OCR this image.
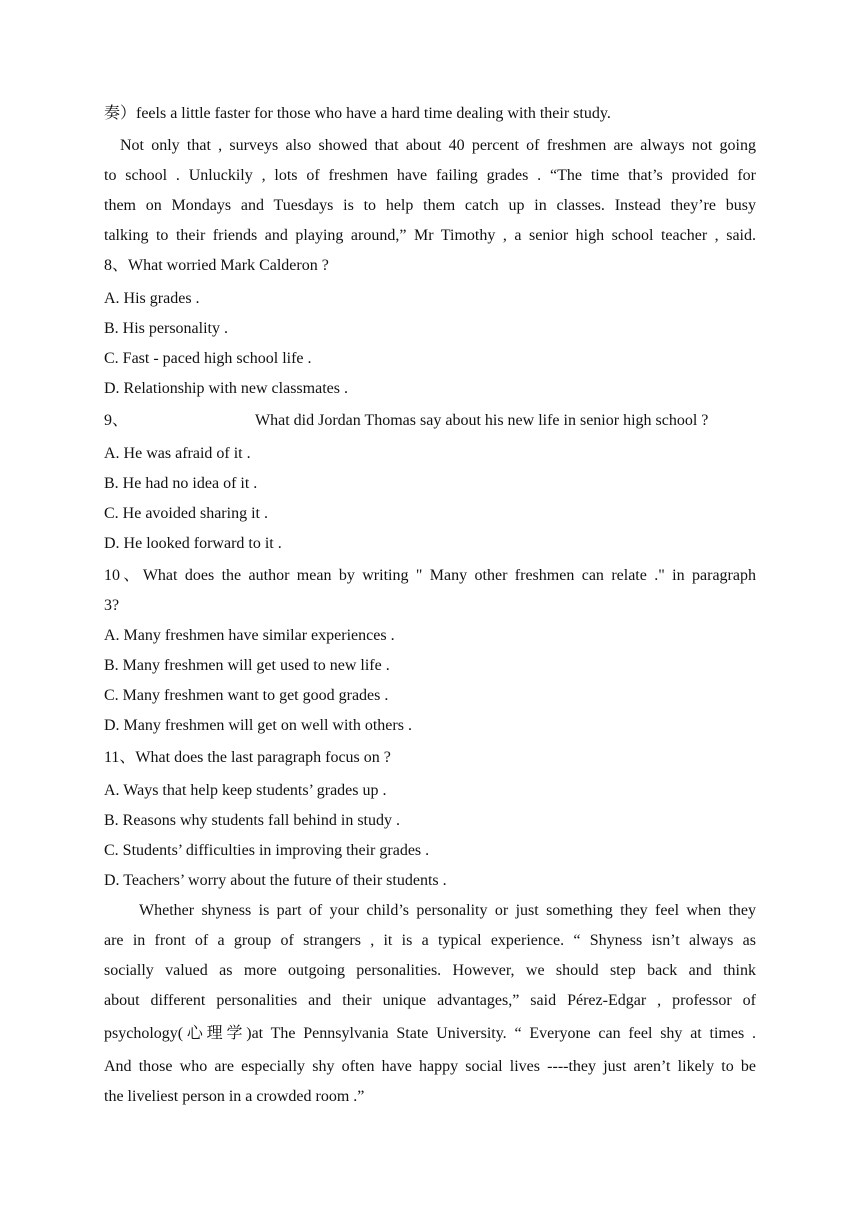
奏）feels a little faster for those who have a hard time dealing with their study.
Not only that , surveys also showed that about 40 percent of freshmen are always not going
to school . Unluckily , lots of freshmen have failing grades . “The time that’s provided for
them on Mondays and Tuesdays is to help them catch up in classes. Instead they’re busy
talking to their friends and playing around,” Mr Timothy , a senior high school teacher , said.
8、What worried Mark Calderon ?
A. His grades .
B. His personality .
C. Fast - paced high school life .
D. Relationship with new classmates .
9、	What did Jordan Thomas say about his new life in senior high school ?
A. He was afraid of it .
B. He had no idea of it .
C. He avoided sharing it .
D. He looked forward to it .
10、What does the author mean by writing " Many other freshmen can relate ." in paragraph
3?
A. Many freshmen have similar experiences .
B. Many freshmen will get used to new life .
C. Many freshmen want to get good grades .
D. Many freshmen will get on well with others .
11、What does the last paragraph focus on ?
A. Ways that help keep students’ grades up .
B. Reasons why students fall behind in study .
C. Students’ difficulties in improving their grades .
D. Teachers’ worry about the future of their students .
Whether shyness is part of your child’s personality or just something they feel when they
are in front of a group of strangers , it is a typical experience. “ Shyness isn’t always as
socially valued as more outgoing personalities. However, we should step back and think
about different personalities and their unique advantages,” said Pérez-Edgar , professor of
psychology(心理学)at The Pennsylvania State University. “ Everyone can feel shy at times .
And those who are especially shy often have happy social lives ----they just aren’t likely to be
the liveliest person in a crowded room .”
